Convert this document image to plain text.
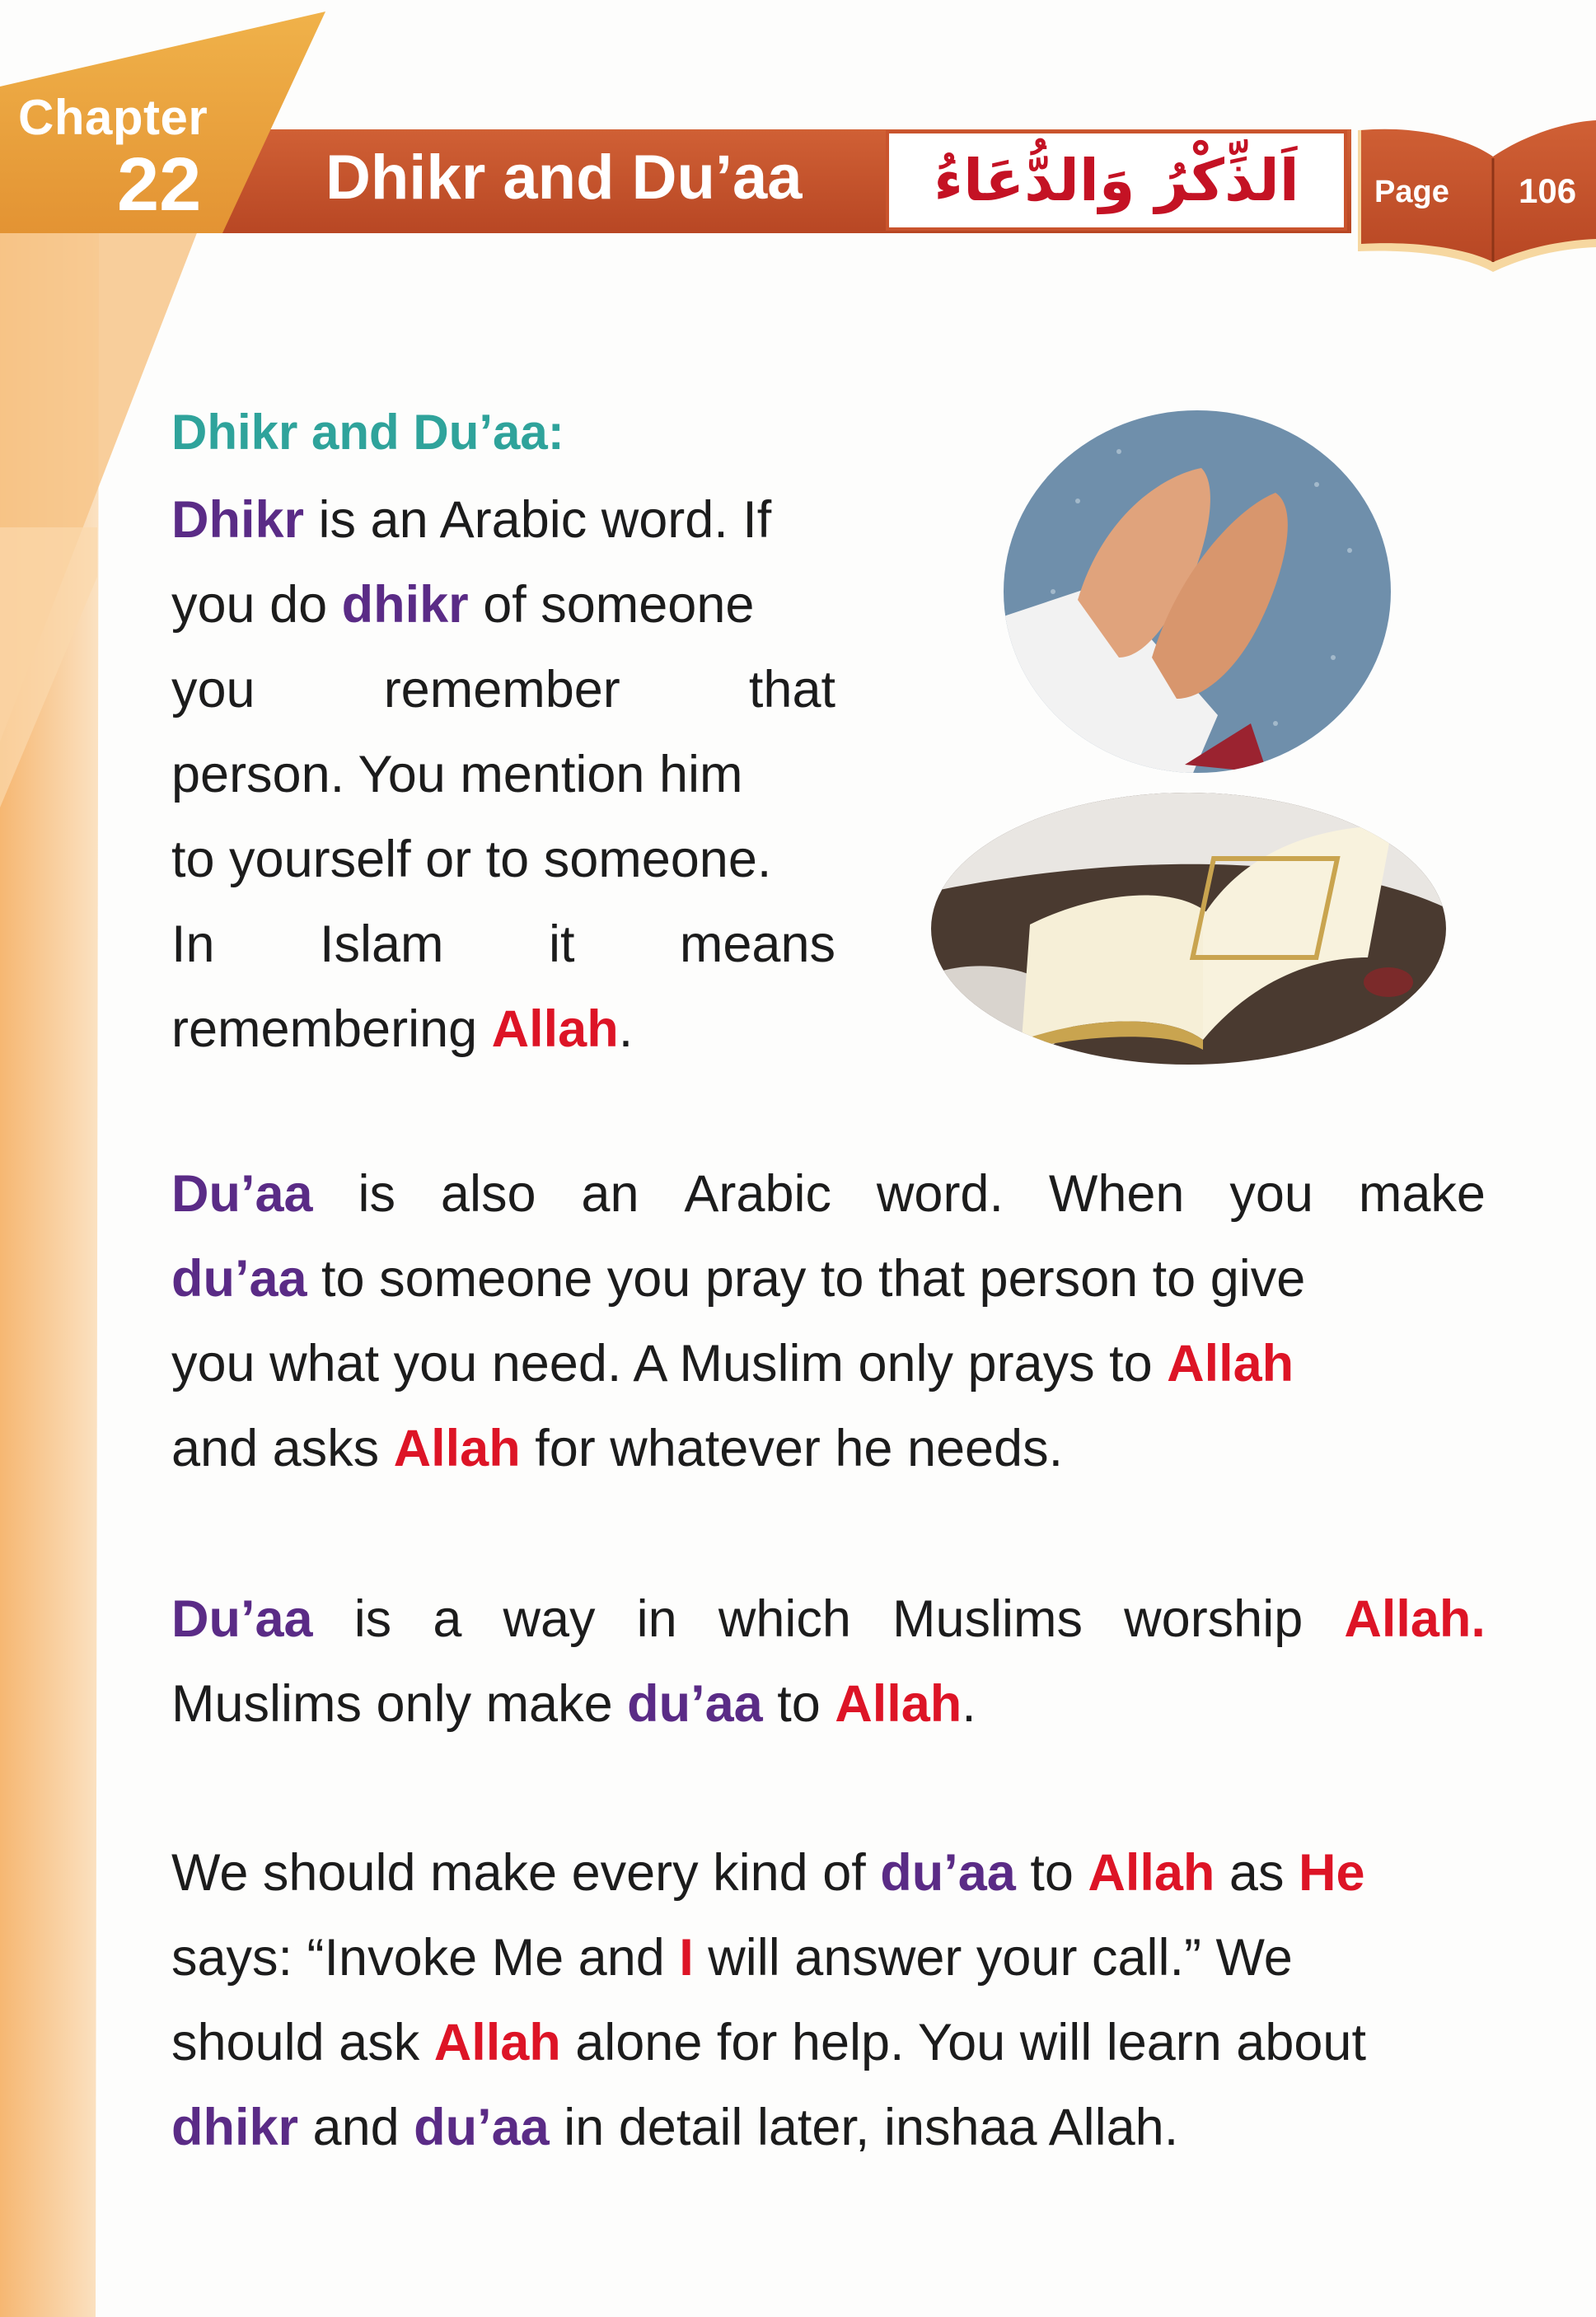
Chapter
22 Dhikr and Du’aa	اَلذِّكْرُ وَالدُّعَاءُ	Page 106
Dhikr and Du’aa:
Dhikr is an Arabic word. If
you do dhikr of someone
you remember that
person. You mention him
to yourself or to someone.
In Islam it means
remembering Allah.
Du’aa is also an Arabic word. When you make
du’aa to someone you pray to that person to give
you what you need. A Muslim only prays to Allah
and asks Allah for whatever he needs.
Du’aa is a way in which Muslims worship Allah.
Muslims only make du’aa to Allah.
We should make every kind of du’aa to Allah as He
says: “Invoke Me and I will answer your call.” We
should ask Allah alone for help. You will learn about
dhikr and du’aa in detail later, inshaa Allah.
